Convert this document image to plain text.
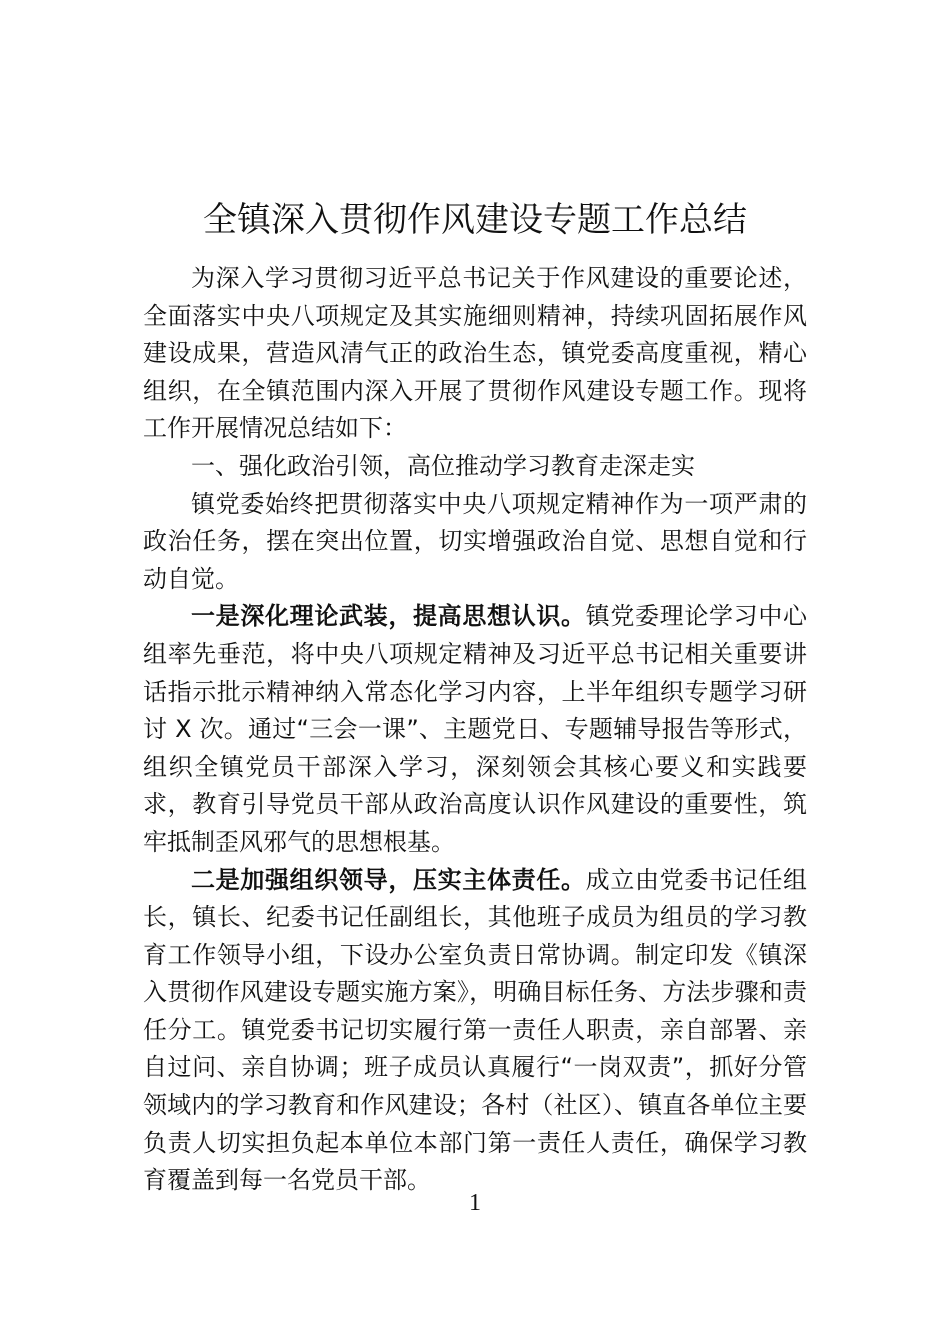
全镇深入贯彻作风建设专题工作总结

为深入学习贯彻习近平总书记关于作风建设的重要论述，全面落实中央八项规定及其实施细则精神，持续巩固拓展作风建设成果，营造风清气正的政治生态，镇党委高度重视，精心组织，在全镇范围内深入开展了贯彻作风建设专题工作。现将工作开展情况总结如下：

一、强化政治引领，高位推动学习教育走深走实

镇党委始终把贯彻落实中央八项规定精神作为一项严肃的政治任务，摆在突出位置，切实增强政治自觉、思想自觉和行动自觉。

一是深化理论武装，提高思想认识。镇党委理论学习中心组率先垂范，将中央八项规定精神及习近平总书记相关重要讲话指示批示精神纳入常态化学习内容，上半年组织专题学习研讨 X 次。通过“三会一课”、主题党日、专题辅导报告等形式，组织全镇党员干部深入学习，深刻领会其核心要义和实践要求，教育引导党员干部从政治高度认识作风建设的重要性，筑牢抵制歪风邪气的思想根基。

二是加强组织领导，压实主体责任。成立由党委书记任组长，镇长、纪委书记任副组长，其他班子成员为组员的学习教育工作领导小组，下设办公室负责日常协调。制定印发《镇深入贯彻作风建设专题实施方案》，明确目标任务、方法步骤和责任分工。镇党委书记切实履行第一责任人职责，亲自部署、亲自过问、亲自协调；班子成员认真履行“一岗双责”，抓好分管领域内的学习教育和作风建设；各村（社区）、镇直各单位主要负责人切实担负起本单位本部门第一责任人责任，确保学习教育覆盖到每一名党员干部。

1
